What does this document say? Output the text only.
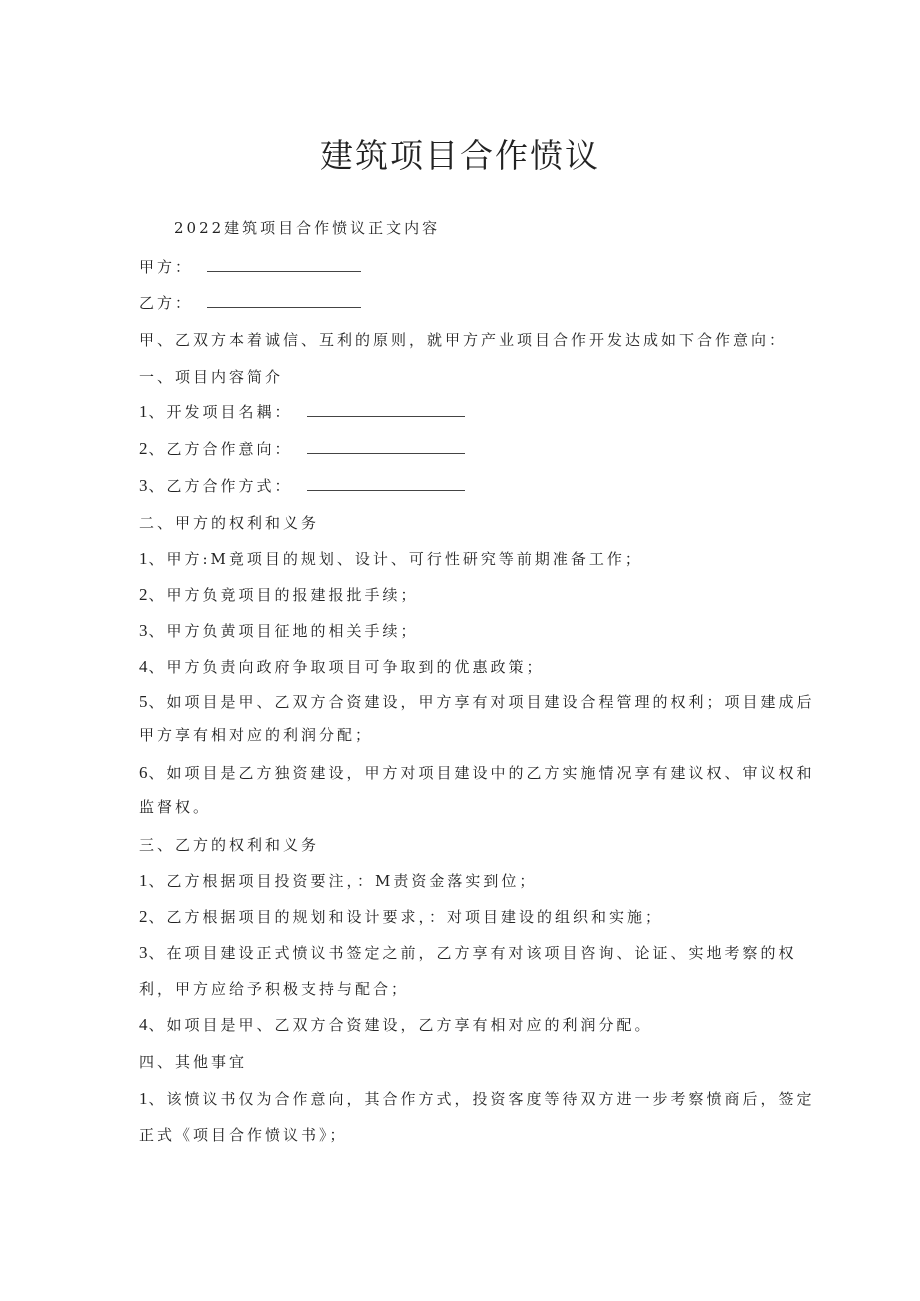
建筑项目合作愤议
2022建筑项目合作愤议正文内容
甲方：
乙方：
甲、乙双方本着诚信、互利的原则，就甲方产业项目合作开发达成如下合作意向：
一、项目内容简介
1、开发项目名耦：
2、乙方合作意向：
3、乙方合作方式：
二、甲方的权利和义务
1、甲方:M竟项目的规划、设计、可行性研究等前期准备工作；
2、甲方负竟项目的报建报批手续；
3、甲方负黄项目征地的相关手续；
4、甲方负责向政府争取项目可争取到的优惠政策；
5、如项目是甲、乙双方合资建设，甲方享有对项目建设合程管理的权利；项目建成后
甲方享有相对应的利润分配；
6、如项目是乙方独资建设，甲方对项目建设中的乙方实施情况享有建议权、审议权和
监督权。
三、乙方的权利和义务
1、乙方根据项目投资要注，：M责资金落实到位；
2、乙方根据项目的规划和设计要求，：对项目建设的组织和实施；
3、在项目建设正式愤议书签定之前，乙方享有对该项目咨询、论证、实地考察的权
利，甲方应给予积极支持与配合；
4、如项目是甲、乙双方合资建设，乙方享有相对应的利润分配。
四、其他事宜
1、该愤议书仅为合作意向，其合作方式，投资客度等待双方进一步考察愤商后，签定
正式《项目合作愤议书》；
